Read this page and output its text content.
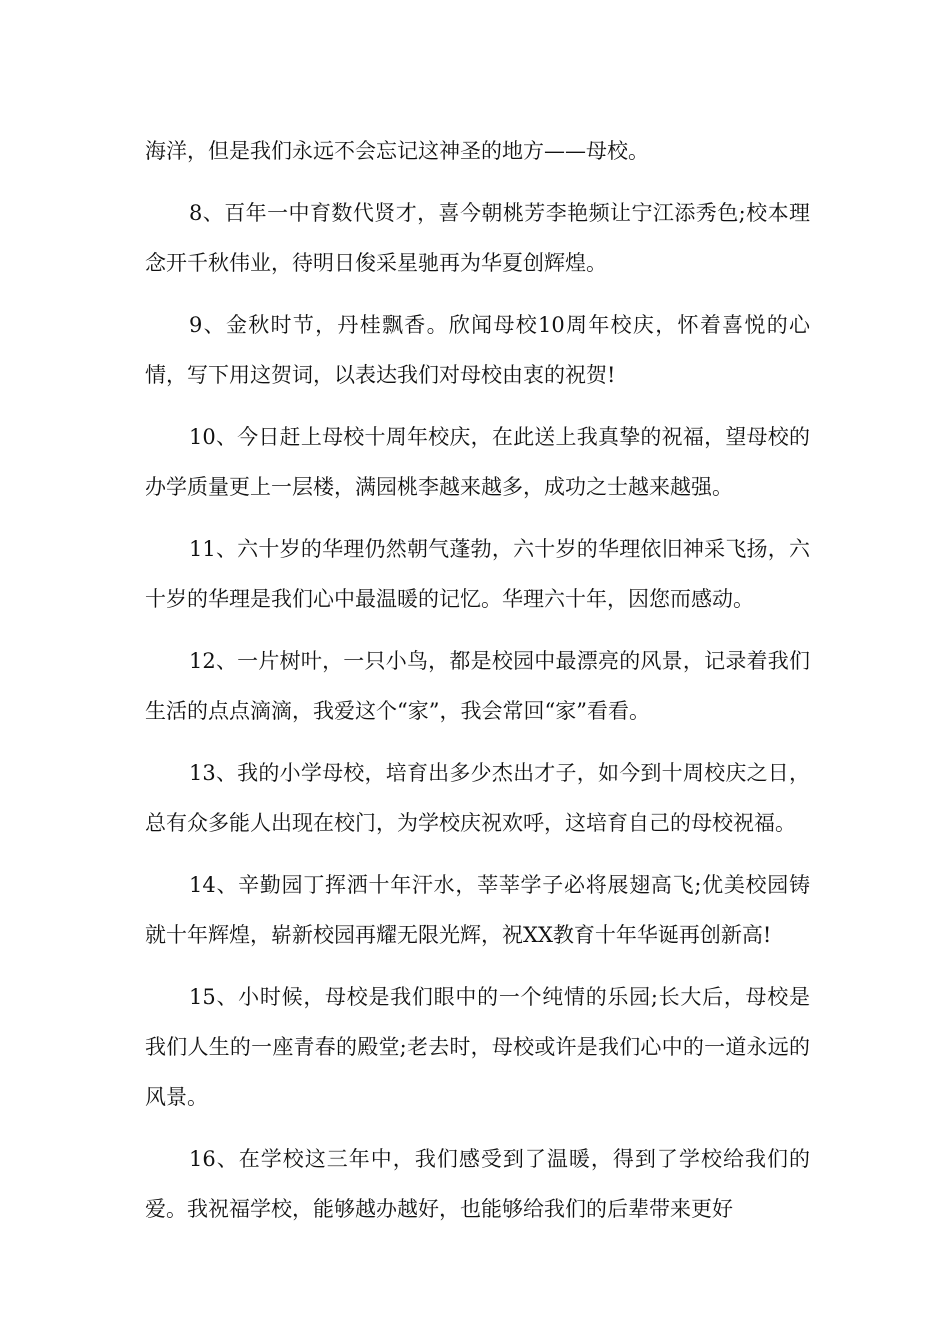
海洋，但是我们永远不会忘记这神圣的地方——母校。

8、百年一中育数代贤才，喜今朝桃芳李艳频让宁江添秀色;校本理念开千秋伟业，待明日俊采星驰再为华夏创辉煌。

9、金秋时节，丹桂飘香。欣闻母校10周年校庆，怀着喜悦的心情，写下用这贺词，以表达我们对母校由衷的祝贺!

10、今日赶上母校十周年校庆，在此送上我真挚的祝福，望母校的办学质量更上一层楼，满园桃李越来越多，成功之士越来越强。

11、六十岁的华理仍然朝气蓬勃，六十岁的华理依旧神采飞扬，六十岁的华理是我们心中最温暖的记忆。华理六十年，因您而感动。

12、一片树叶，一只小鸟，都是校园中最漂亮的风景，记录着我们生活的点点滴滴，我爱这个“家”，我会常回“家”看看。

13、我的小学母校，培育出多少杰出才子，如今到十周校庆之日，总有众多能人出现在校门，为学校庆祝欢呼，这培育自己的母校祝福。

14、辛勤园丁挥洒十年汗水，莘莘学子必将展翅高飞;优美校园铸就十年辉煌，崭新校园再耀无限光辉，祝XX教育十年华诞再创新高!

15、小时候，母校是我们眼中的一个纯情的乐园;长大后，母校是我们人生的一座青春的殿堂;老去时，母校或许是我们心中的一道永远的风景。

16、在学校这三年中，我们感受到了温暖，得到了学校给我们的爱。我祝福学校，能够越办越好，也能够给我们的后辈带来更好
